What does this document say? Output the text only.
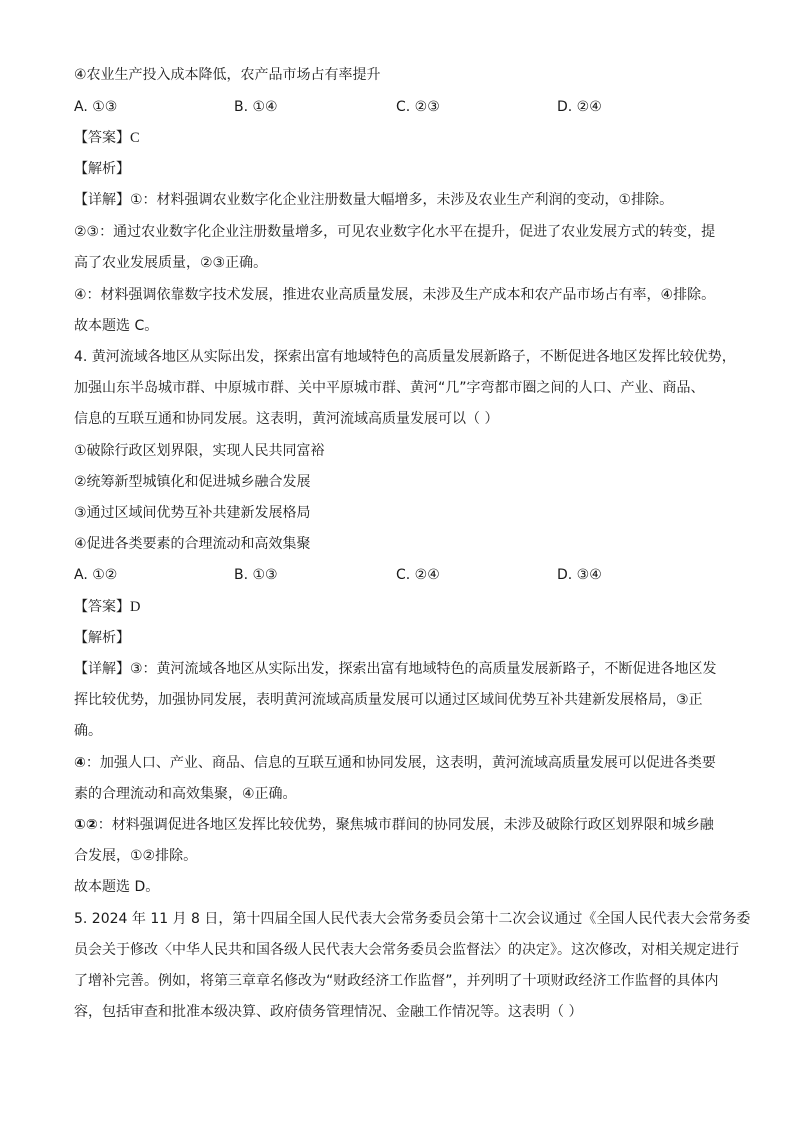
④农业生产投入成本降低，农产品市场占有率提升
A. ①③	B. ①④	C. ②③	D. ②④
【答案】C
【解析】
【详解】①：材料强调农业数字化企业注册数量大幅增多，未涉及农业生产利润的变动，①排除。
②③：通过农业数字化企业注册数量增多，可见农业数字化水平在提升，促进了农业发展方式的转变，提
高了农业发展质量，②③正确。
④：材料强调依靠数字技术发展，推进农业高质量发展，未涉及生产成本和农产品市场占有率，④排除。
故本题选 C。
4. 黄河流域各地区从实际出发，探索出富有地域特色的高质量发展新路子，不断促进各地区发挥比较优势，
加强山东半岛城市群、中原城市群、关中平原城市群、黄河“几”字弯都市圈之间的人口、产业、商品、
信息的互联互通和协同发展。这表明，黄河流域高质量发展可以（ ）
①破除行政区划界限，实现人民共同富裕
②统筹新型城镇化和促进城乡融合发展
③通过区域间优势互补共建新发展格局
④促进各类要素的合理流动和高效集聚
A. ①②	B. ①③	C. ②④	D. ③④
【答案】D
【解析】
【详解】③：黄河流域各地区从实际出发，探索出富有地域特色的高质量发展新路子，不断促进各地区发
挥比较优势，加强协同发展，表明黄河流域高质量发展可以通过区域间优势互补共建新发展格局，③正
确。
④：加强人口、产业、商品、信息的互联互通和协同发展，这表明，黄河流域高质量发展可以促进各类要
素的合理流动和高效集聚，④正确。
①②：材料强调促进各地区发挥比较优势，聚焦城市群间的协同发展，未涉及破除行政区划界限和城乡融
合发展，①②排除。
故本题选 D。
5. 2024 年 11 月 8 日，第十四届全国人民代表大会常务委员会第十二次会议通过《全国人民代表大会常务委
员会关于修改〈中华人民共和国各级人民代表大会常务委员会监督法〉的决定》。这次修改，对相关规定进行
了增补完善。例如，将第三章章名修改为“财政经济工作监督”，并列明了十项财政经济工作监督的具体内
容，包括审查和批准本级决算、政府债务管理情况、金融工作情况等。这表明（ ）
